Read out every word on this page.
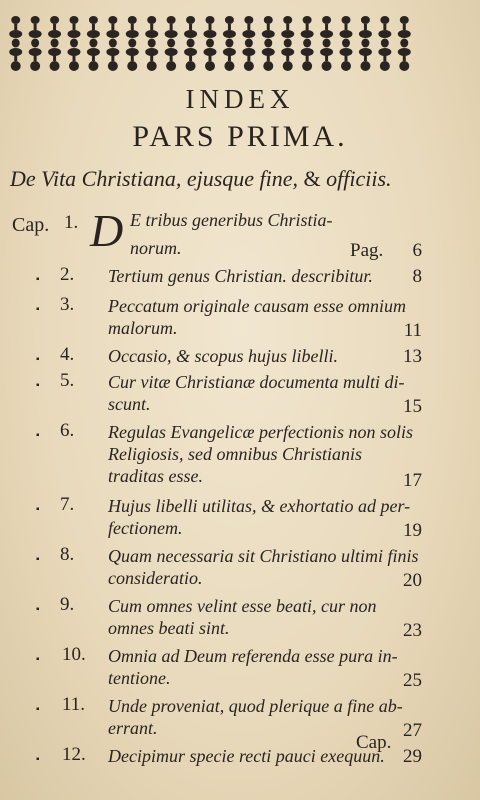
INDEX
PARS PRIMA.
De Vita Christiana, ejusque fine, & officiis.
Cap. 1. D E tribus generibus Christia-
norum.	Pag. 6
▪ 2. Tertium genus Christian. describitur.	8
▪ 3. Peccatum originale causam esse omnium
malorum.	11
▪ 4. Occasio, & scopus hujus libelli.	13
▪ 5. Cur vitæ Christianæ documenta multi di-
scunt.	15
▪ 6. Regulas Evangelicæ perfectionis non solis
Religiosis, sed omnibus Christianis
traditas esse.	17
▪ 7. Hujus libelli utilitas, & exhortatio ad per-
fectionem.	19
▪ 8. Quam necessaria sit Christiano ultimi finis
consideratio.	20
▪ 9. Cum omnes velint esse beati, cur non
omnes beati sint.	23
▪ 10. Omnia ad Deum referenda esse pura in-
tentione.	25
▪ 11. Unde proveniat, quod plerique a fine ab-
errant.	27
▪ 12. Decipimur specie recti pauci exequun. 29
Cap.
